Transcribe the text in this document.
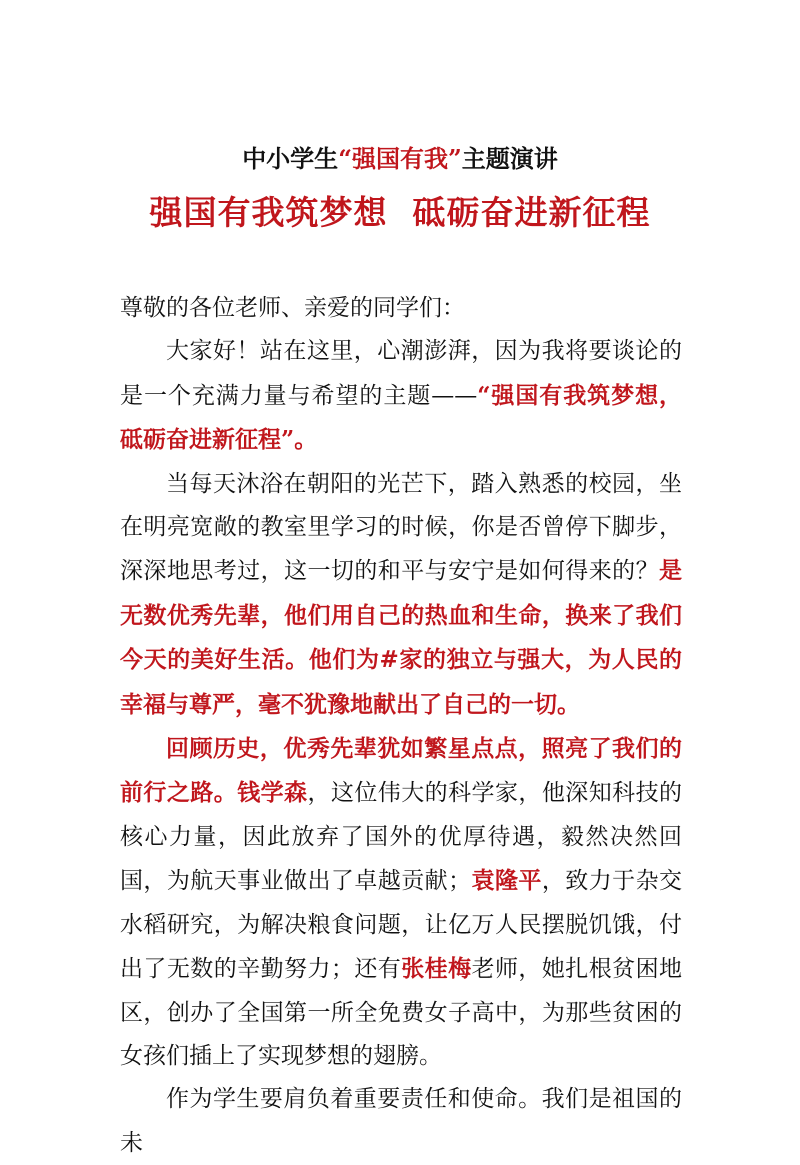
中小学生“强国有我”主题演讲
强国有我筑梦想  砥砺奋进新征程

尊敬的各位老师、亲爱的同学们：

大家好！站在这里，心潮澎湃，因为我将要谈论的是一个充满力量与希望的主题——“强国有我筑梦想，砥砺奋进新征程”。

当每天沐浴在朝阳的光芒下，踏入熟悉的校园，坐在明亮宽敞的教室里学习的时候，你是否曾停下脚步，深深地思考过，这一切的和平与安宁是如何得来的？是无数优秀先辈，他们用自己的热血和生命，换来了我们今天的美好生活。他们为#家的独立与强大，为人民的幸福与尊严，毫不犹豫地献出了自己的一切。

回顾历史，优秀先辈犹如繁星点点，照亮了我们的前行之路。钱学森，这位伟大的科学家，他深知科技的核心力量，因此放弃了国外的优厚待遇，毅然决然回国，为航天事业做出了卓越贡献；袁隆平，致力于杂交水稻研究，为解决粮食问题，让亿万人民摆脱饥饿，付出了无数的辛勤努力；还有张桂梅老师，她扎根贫困地区，创办了全国第一所全免费女子高中，为那些贫困的女孩们插上了实现梦想的翅膀。

作为学生要肩负着重要责任和使命。我们是祖国的未
